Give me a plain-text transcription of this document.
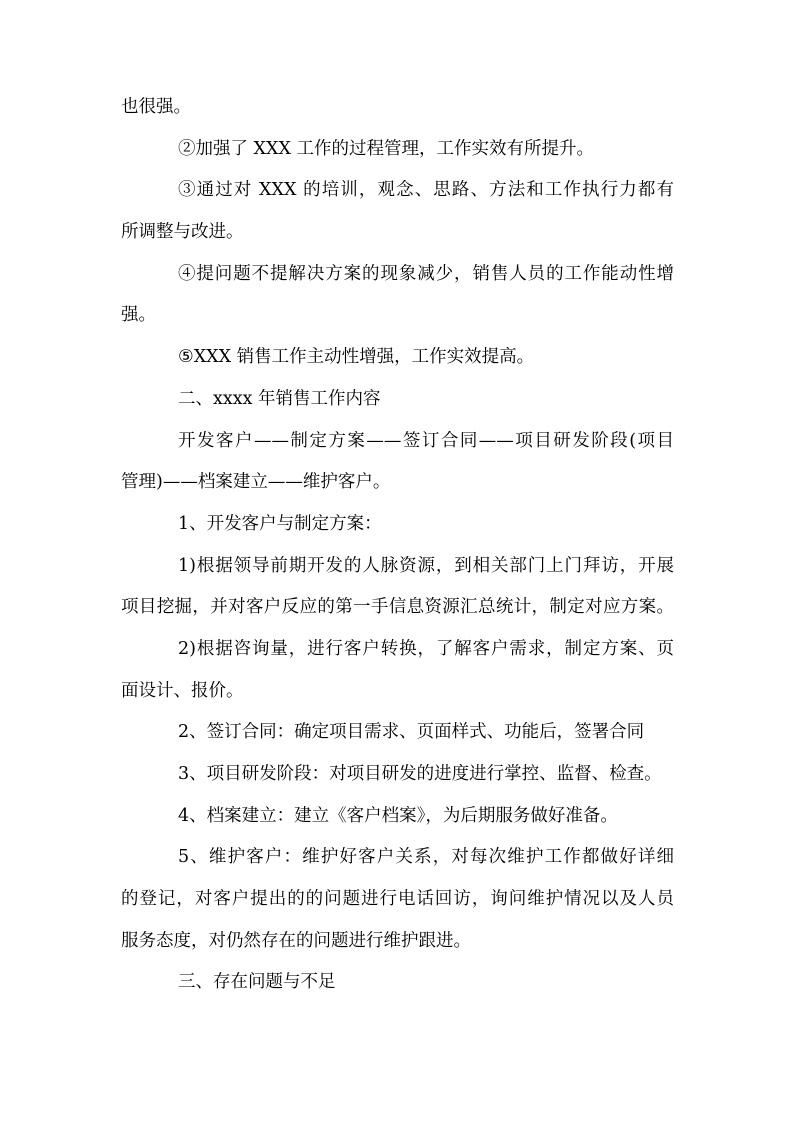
也很强。
②加强了 XXX 工作的过程管理，工作实效有所提升。
③通过对 XXX 的培训，观念、思路、方法和工作执行力都有
所调整与改进。
④提问题不提解决方案的现象减少，销售人员的工作能动性增
强。
⑤XXX 销售工作主动性增强，工作实效提高。
二、xxxx 年销售工作内容
开发客户——制定方案——签订合同——项目研发阶段(项目
管理)——档案建立——维护客户。
1、开发客户与制定方案：
1)根据领导前期开发的人脉资源，到相关部门上门拜访，开展
项目挖掘，并对客户反应的第一手信息资源汇总统计，制定对应方案。
2)根据咨询量，进行客户转换，了解客户需求，制定方案、页
面设计、报价。
2、签订合同：确定项目需求、页面样式、功能后，签署合同
3、项目研发阶段：对项目研发的进度进行掌控、监督、检查。
4、档案建立：建立《客户档案》，为后期服务做好准备。
5、维护客户：维护好客户关系，对每次维护工作都做好详细
的登记，对客户提出的的问题进行电话回访，询问维护情况以及人员
服务态度，对仍然存在的问题进行维护跟进。
三、存在问题与不足
